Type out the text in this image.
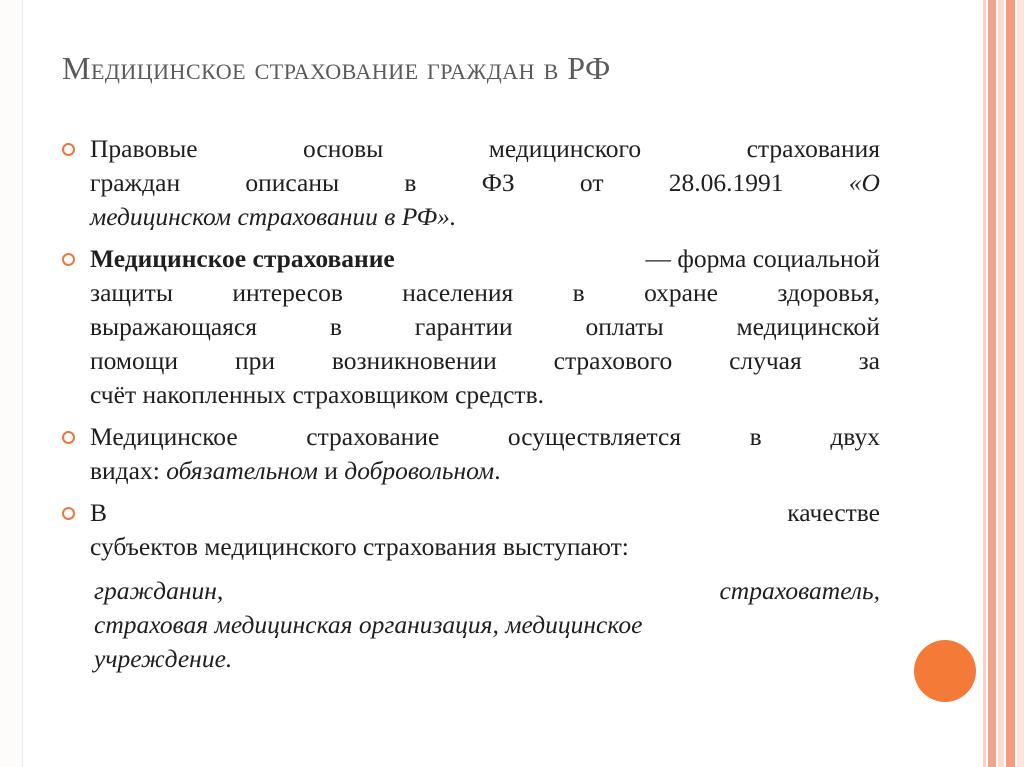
Медицинское страхование граждан в РФ
Правовые	основы	медицинского	страхования
граждан	описаны	в	ФЗ	от	28.06.1991	«О
медицинском страховании в РФ».
Медицинское страхование	— форма социальной
защиты интересов населения в охране здоровья,
выражающаяся	в	гарантии	оплаты	медицинской
помощи при возникновении страхового случая за
счёт накопленных страховщиком средств.
Медицинское	страхование	осуществляется	в	двух
видах: обязательном и добровольном.
В	качестве
субъектов медицинского страхования выступают:
гражданин,	страхователь,
страховая медицинская организация, медицинское
учреждение.
